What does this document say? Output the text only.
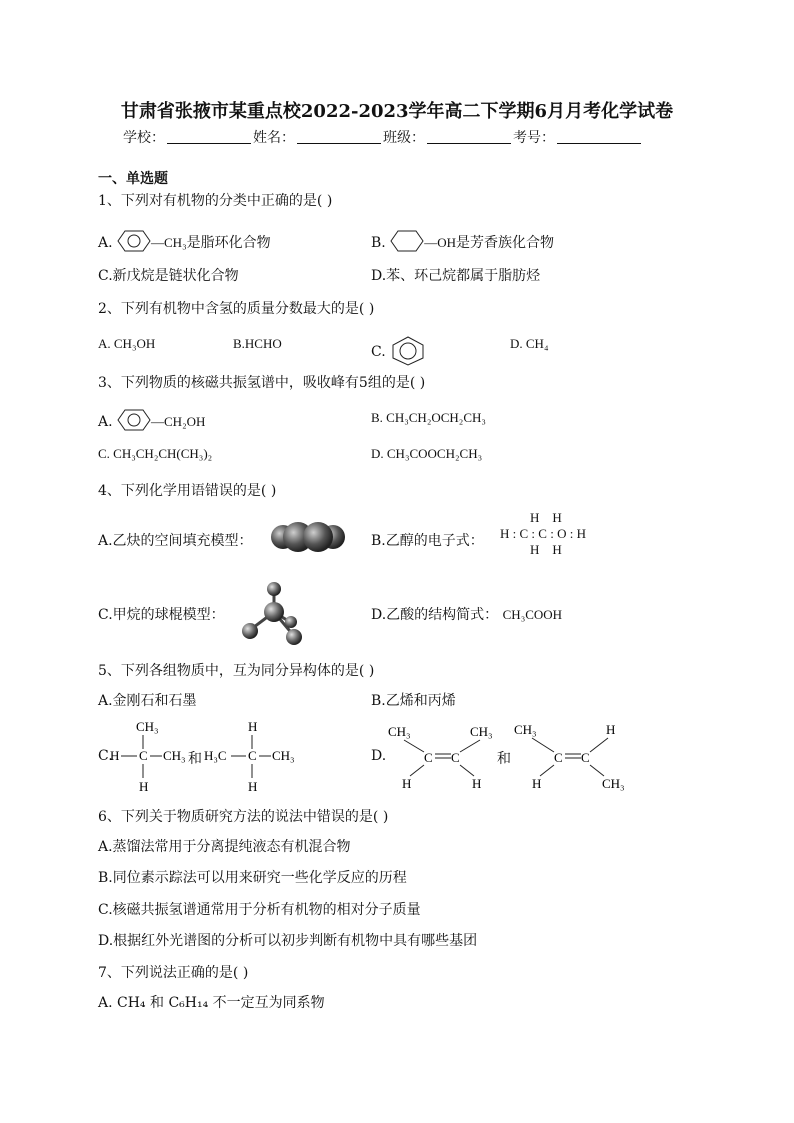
甘肃省张掖市某重点校2022-2023学年高二下学期6月月考化学试卷
学校：	姓名：	班级：	考号：
一、单选题
1、下列对有机物的分类中正确的是( )
A.	—CH₃是脂环化合物	B.	—OH是芳香族化合物
C.新戊烷是链状化合物	D.苯、环己烷都属于脂肪烃
2、下列有机物中含氢的质量分数最大的是( )
A. CH₃OH	B.HCHO
C.
D. CH₄
3、下列物质的核磁共振氢谱中，吸收峰有5组的是( )
A.	—CH₂OH	B. CH₃CH₂OCH₂CH₃
C. CH₃CH₂CH(CH₃)₂	D. CH₃COOCH₂CH₃
4、下列化学用语错误的是( )
A.乙炔的空间填充模型：	B.乙醇的电子式：
H    H
H : C : C : O : H
H    H
C.甲烷的球棍模型：	D.乙酸的结构简式： CH₃COOH
5、下列各组物质中，互为同分异构体的是( )
A.金刚石和石墨	B.乙烯和丙烯
C.
CH₃
H C CH₃
H
和
H
H₃C C CH₃
H
D.
CH₃	CH₃
C C
H	H
和
CH₃	H
C C
H	CH₃
6、下列关于物质研究方法的说法中错误的是( )
A.蒸馏法常用于分离提纯液态有机混合物
B.同位素示踪法可以用来研究一些化学反应的历程
C.核磁共振氢谱通常用于分析有机物的相对分子质量
D.根据红外光谱图的分析可以初步判断有机物中具有哪些基团
7、下列说法正确的是( )
A. CH₄ 和 C₆H₁₄ 不一定互为同系物
